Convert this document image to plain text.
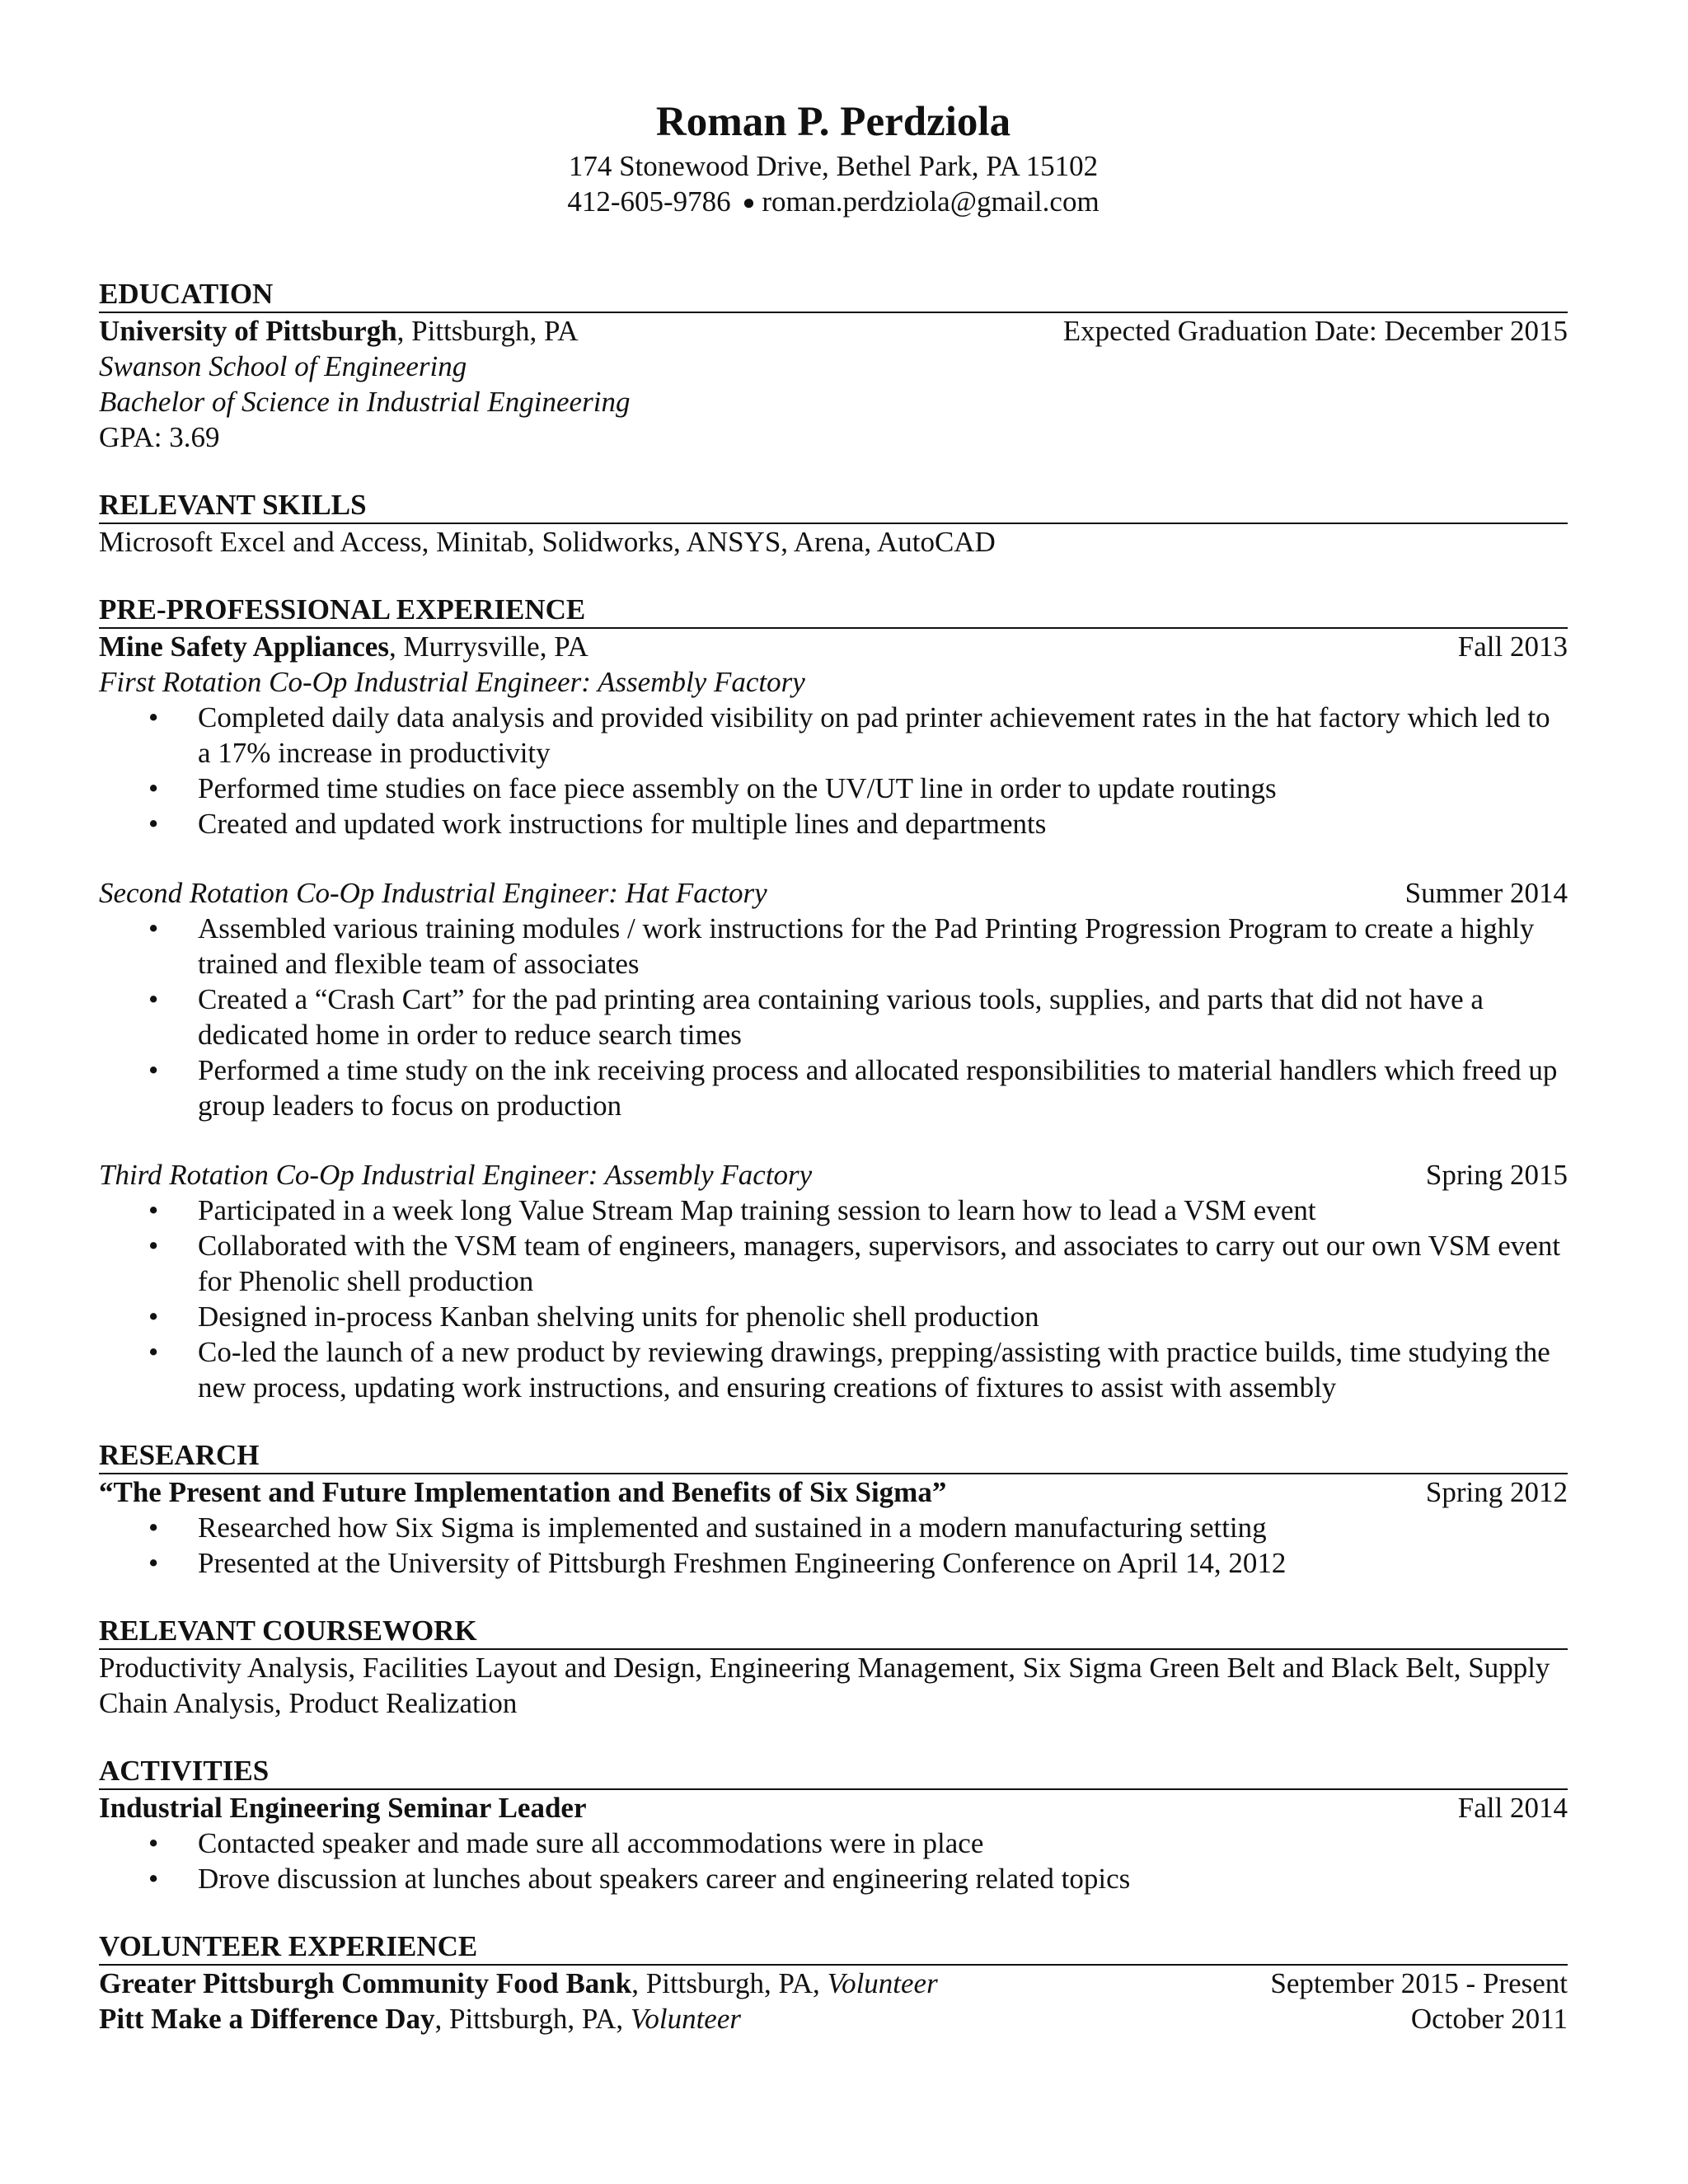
Roman P. Perdziola
174 Stonewood Drive, Bethel Park, PA 15102
412-605-9786 ● roman.perdziola@gmail.com
EDUCATION
University of Pittsburgh, Pittsburgh, PA	Expected Graduation Date: December 2015
Swanson School of Engineering
Bachelor of Science in Industrial Engineering
GPA: 3.69
RELEVANT SKILLS
Microsoft Excel and Access, Minitab, Solidworks, ANSYS, Arena, AutoCAD
PRE-PROFESSIONAL EXPERIENCE
Mine Safety Appliances, Murrysville, PA	Fall 2013
First Rotation Co-Op Industrial Engineer: Assembly Factory
• Completed daily data analysis and provided visibility on pad printer achievement rates in the hat factory which led to a 17% increase in productivity
• Performed time studies on face piece assembly on the UV/UT line in order to update routings
• Created and updated work instructions for multiple lines and departments
Second Rotation Co-Op Industrial Engineer: Hat Factory	Summer 2014
• Assembled various training modules / work instructions for the Pad Printing Progression Program to create a highly trained and flexible team of associates
• Created a “Crash Cart” for the pad printing area containing various tools, supplies, and parts that did not have a dedicated home in order to reduce search times
• Performed a time study on the ink receiving process and allocated responsibilities to material handlers which freed up group leaders to focus on production
Third Rotation Co-Op Industrial Engineer: Assembly Factory	Spring 2015
• Participated in a week long Value Stream Map training session to learn how to lead a VSM event
• Collaborated with the VSM team of engineers, managers, supervisors, and associates to carry out our own VSM event for Phenolic shell production
• Designed in-process Kanban shelving units for phenolic shell production
• Co-led the launch of a new product by reviewing drawings, prepping/assisting with practice builds, time studying the new process, updating work instructions, and ensuring creations of fixtures to assist with assembly
RESEARCH
“The Present and Future Implementation and Benefits of Six Sigma”	Spring 2012
• Researched how Six Sigma is implemented and sustained in a modern manufacturing setting
• Presented at the University of Pittsburgh Freshmen Engineering Conference on April 14, 2012
RELEVANT COURSEWORK
Productivity Analysis, Facilities Layout and Design, Engineering Management, Six Sigma Green Belt and Black Belt, Supply Chain Analysis, Product Realization
ACTIVITIES
Industrial Engineering Seminar Leader	Fall 2014
• Contacted speaker and made sure all accommodations were in place
• Drove discussion at lunches about speakers career and engineering related topics
VOLUNTEER EXPERIENCE
Greater Pittsburgh Community Food Bank, Pittsburgh, PA, Volunteer	September 2015 - Present
Pitt Make a Difference Day, Pittsburgh, PA, Volunteer	October 2011
